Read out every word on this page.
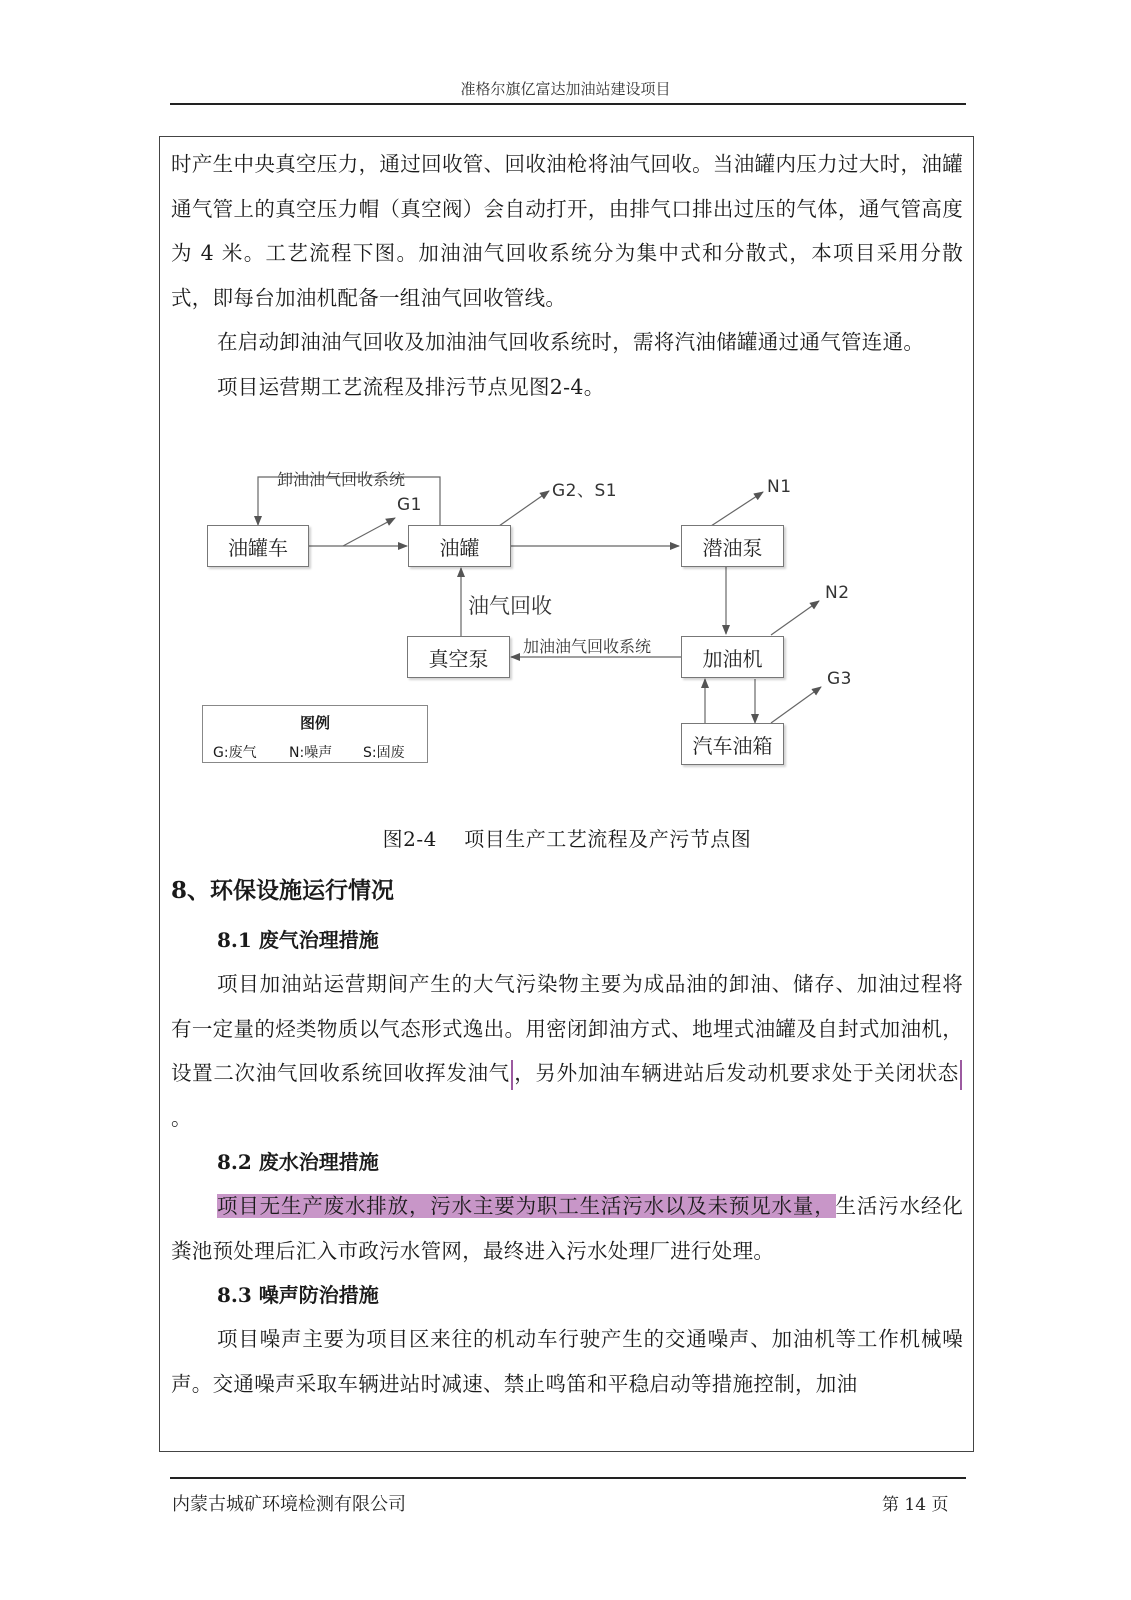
准格尔旗亿富达加油站建设项目

时产生中央真空压力，通过回收管、回收油枪将油气回收。当油罐内压力过大时，油罐通气管上的真空压力帽（真空阀）会自动打开，由排气口排出过压的气体，通气管高度为 4 米。工艺流程下图。加油油气回收系统分为集中式和分散式，本项目采用分散式，即每台加油机配备一组油气回收管线。

在启动卸油油气回收及加油油气回收系统时，需将汽油储罐通过通气管连通。

项目运营期工艺流程及排污节点见图2-4。

油罐车	油罐	潜油泵
真空泵	加油机
汽车油箱
卸油油气回收系统
加油油气回收系统
油气回收
G1
G2、S1	N1
N2
G3
图例
G:废气 N:噪声 S:固废
图2-4    项目生产工艺流程及产污节点图

8、环保设施运行情况

8.1 废气治理措施

项目加油站运营期间产生的大气污染物主要为成品油的卸油、储存、加油过程将有一定量的烃类物质以气态形式逸出。用密闭卸油方式、地埋式油罐及自封式加油机，设置二次油气回收系统回收挥发油气 ，另外加油车辆进站后发动机要求处于关闭状态。

8.2 废水治理措施

项目无生产废水排放，污水主要为职工生活污水以及未预见水量，生活污水经化粪池预处理后汇入市政污水管网，最终进入污水处理厂进行处理。

8.3 噪声防治措施

项目噪声主要为项目区来往的机动车行驶产生的交通噪声、加油机等工作机械噪声。交通噪声采取车辆进站时减速、禁止鸣笛和平稳启动等措施控制，加油

内蒙古城矿环境检测有限公司	第 14 页
